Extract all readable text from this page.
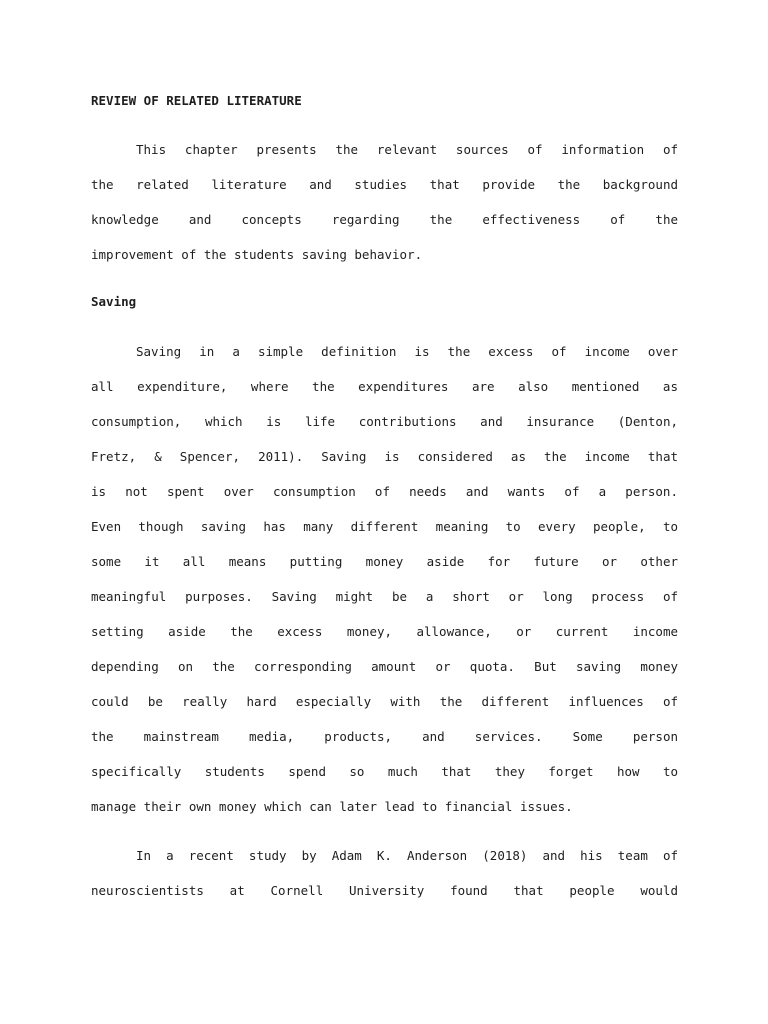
REVIEW OF RELATED LITERATURE
This chapter presents the relevant sources of information of
the related literature and studies that provide the background
knowledge and concepts regarding the effectiveness of the
improvement of the students saving behavior.
Saving
Saving in a simple definition is the excess of income over
all expenditure, where the expenditures are also mentioned as
consumption, which is life contributions and insurance (Denton,
Fretz, & Spencer, 2011). Saving is considered as the income that
is not spent over consumption of needs and wants of a person.
Even though saving has many different meaning to every people, to
some it all means putting money aside for future or other
meaningful purposes. Saving might be a short or long process of
setting aside the excess money, allowance, or current income
depending on the corresponding amount or quota. But saving money
could be really hard especially with the different influences of
the mainstream media, products, and services. Some person
specifically students spend so much that they forget how to
manage their own money which can later lead to financial issues.
In a recent study by Adam K. Anderson (2018) and his team of
neuroscientists at Cornell University found that people would
